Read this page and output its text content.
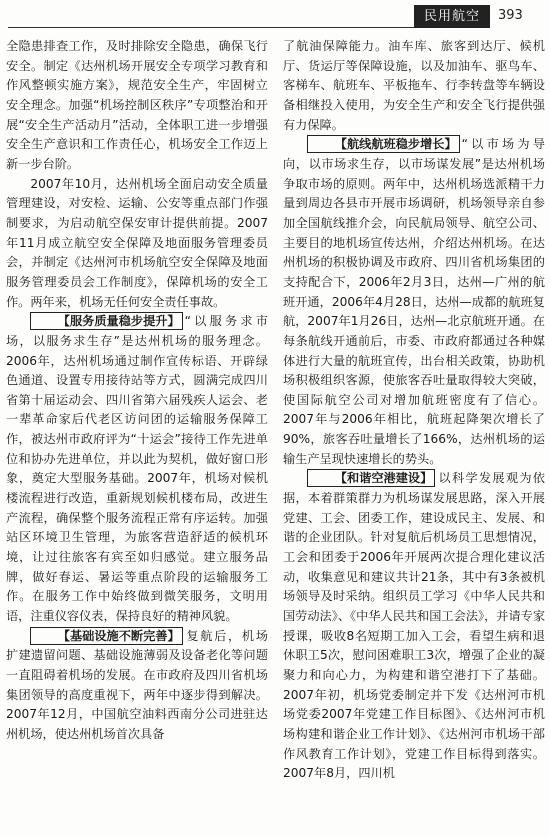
民用航空	393

全隐患排查工作，及时排除安全隐患，确保飞行安全。制定《达州机场开展安全专项学习教育和作风整顿实施方案》，规范安全生产，牢固树立安全理念。加强“机场控制区秩序”专项整治和开展“安全生产活动月”活动，全体职工进一步增强安全生产意识和工作责任心，机场安全工作迈上新一步台阶。

2007年10月，达州机场全面启动安全质量管理建设，对安检、运输、公安等重点部门作强制要求，为启动航空保安审计提供前提。2007年11月成立航空安全保障及地面服务管理委员会，并制定《达州河市机场航空安全保障及地面服务管理委员会工作制度》，保障机场的安全工作。两年来，机场无任何安全责任事故。

【服务质量稳步提升】 “以服务求市场，以服务求生存”是达州机场的服务理念。2006年，达州机场通过制作宣传标语、开辟绿色通道、设置专用接待站等方式，圆满完成四川省第十届运动会、四川省第六届残疾人运会、老一辈革命家后代老区访问团的运输服务保障工作，被达州市政府评为“十运会”接待工作先进单位和协办先进单位，并以此为契机，做好窗口形象，奠定大型服务基础。2007年，机场对候机楼流程进行改造，重新规划候机楼布局，改进生产流程，确保整个服务流程正常有序运转。加强站区环境卫生管理，为旅客营造舒适的候机环境，让过往旅客有宾至如归感觉。建立服务品牌，做好春运、暑运等重点阶段的运输服务工作。在服务工作中始终做到微笑服务，文明用语，注重仪容仪表，保持良好的精神风貌。

【基础设施不断完善】 复航后，机场扩建遗留问题、基础设施薄弱及设备老化等问题一直阻碍着机场的发展。在市政府及四川省机场集团领导的高度重视下，两年中逐步得到解决。2007年12月，中国航空油料西南分公司进驻达州机场，使达州机场首次具备

了航油保障能力。油车库、旅客到达厅、候机厅、货运厅等保障设施，以及加油车、驱鸟车、客梯车、航班车、平板拖车、行李转盘等车辆设备相继投入使用，为安全生产和安全飞行提供强有力保障。

【航线航班稳步增长】 “以市场为导向，以市场求生存，以市场谋发展”是达州机场争取市场的原则。两年中，达州机场选派精干力量到周边各县市开展市场调研，机场领导亲自参加全国航线推介会，向民航局领导、航空公司、主要目的地机场宣传达州，介绍达州机场。在达州机场的积极协调及市政府、四川省机场集团的支持配合下，2006年2月3日，达州—广州的航班开通，2006年4月28日，达州—成都的航班复航，2007年1月26日，达州—北京航班开通。在每条航线开通前后，市委、市政府都通过各种媒体进行大量的航班宣传，出台相关政策，协助机场积极组织客源，使旅客吞吐量取得较大突破，使国际航空公司对增加航班密度有了信心。2007年与2006年相比，航班起降架次增长了90%，旅客吞吐量增长了166%，达州机场的运输生产呈现快速增长的势头。

【和谐空港建设】 以科学发展观为依据，本着群策群力为机场谋发展思路，深入开展党建、工会、团委工作，建设成民主、发展、和谐的企业团队。针对复航后机场员工思想情况，工会和团委于2006年开展两次提合理化建议活动，收集意见和建议共计21条，其中有3条被机场领导及时采纳。组织员工学习《中华人民共和国劳动法》、《中华人民共和国工会法》，并请专家授课，吸收8名短期工加入工会，看望生病和退休职工5次，慰问困难职工3次，增强了企业的凝聚力和向心力，为构建和谐空港打下了基础。2007年初，机场党委制定并下发《达州河市机场党委2007年党建工作目标图》、《达州河市机场构建和谐企业工作计划》、《达州河市机场干部作风教育工作计划》，党建工作目标得到落实。2007年8月，四川机
